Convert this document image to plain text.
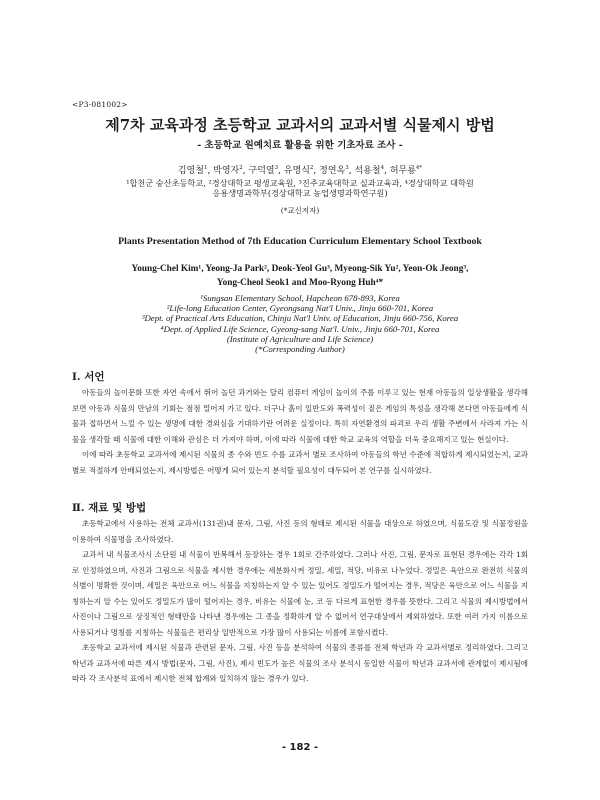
<P3-081002>
제7차 교육과정 초등학교 교과서의 교과서별 식물제시 방법
- 초등학교 원예치료 활용을 위한 기초자료 조사 -
김영철$^1$, 박영자$^2$, 구덕열$^3$, 유명식$^2$, 정연옥$^3$, 석용철$^4$, 허무룡$^{4*}$
¹합천군 숭산초등학교, ²경상대학교 평생교육원, ³진주교육대학교 실과교육과, ⁴경상대학교 대학원
응용생명과학부(경상대학교 농업생명과학연구원)
(*교신저자)
Plants Presentation Method of 7th Education Curriculum Elementary School Textbook
Young-Chel Kim¹, Yeong-Ja Park², Deok-Yeol Gu³, Myeong-Sik Yu², Yeon-Ok Jeong³,
Yong-Cheol Seok1 and Moo-Ryong Huh⁴*
¹Sungsan Elementary School, Hapcheon 678-893, Korea
²Life-long Education Center, Gyeongsang Nat'l Univ., Jinju 660-701, Korea
³Dept. of Practical Arts Education, Chinju Nat'l Univ. of Education, Jinju 660-756, Korea
⁴Dept. of Applied Life Science, Gyeong-sang Nat'l. Univ., Jinju 660-701, Korea
(Institute of Agriculture and Life Science)
(*Corresponding Author)
Ⅰ. 서언

아동들의 놀이문화 또한 자연 속에서 뛰어 놀던 과거와는 달리 컴퓨터 게임이 놀이의 주를 이루고 있는 현재 아동들의 일상생활을 생각해 보면 아동과 식물의 만남의 기회는 점점 멀어져 가고 있다. 더구나 흙이 일반도와 폭력성이 짙은 게임의 특성을 생각해 본다면 아동들에게 식물과 접하면서 느낄 수 있는 생명에 대한 경외심을 기대하기란 어려운 실정이다. 특히 자연환경의 파괴로 우리 생활 주변에서 사라져 가는 식물을 생각할 때 식물에 대한 이해와 관심은 더 가져야 하며, 이에 따라 식물에 대한 학교 교육의 역할을 더욱 중요해지고 있는 현실이다.

이에 따라 초등학교 교과서에 제시된 식물의 종 수와 빈도 수를 교과서 별로 조사하여 아동들의 학년 수준에 적합하게 제시되었는지, 교과별로 적절하게 안배되었는지, 제시방법은 어떻게 되어 있는지 분석할 필요성이 대두되어 본 연구를 실시하였다.

Ⅱ. 재료 및 방법

초등학교에서 사용하는 전체 교과서(131권)내 문자, 그림, 사진 등의 형태로 제시된 식물을 대상으로 하였으며, 식물도감 및 식물정원을 이용하여 식물명을 조사하였다.

교과서 내 식물조사시 소단원 내 식물이 반복해서 등장하는 경우 1회로 간주하였다. 그러나 사진, 그림, 문자로 표현된 경우에는 각각 1회로 인정하였으며, 사진과 그림으로 식물을 제시한 경우에는 세분화시켜 정밀, 세밀, 적당, 비유로 나누었다. 정밀은 육안으로 완전히 식물의 식별이 명확한 것이며, 세밀은 육안으로 어느 식물을 지칭하는지 알 수 있는 있어도 정밀도가 떨어지는 경우, 적당은 육안으로 어느 식물을 지칭하는지 알 수는 있어도 정밀도가 많이 떨어지는 경우, 비유는 식물에 눈, 코 등 다르게 표현한 경우를 뜻한다. 그리고 식물의 제시방법에서 사진이나 그림으로 상징적인 형태만을 나타낸 경우에는 그 종을 정확하게 알 수 없어서 연구대상에서 제외하였다. 또한 여러 가지 이름으로 사용되거나 명칭를 지칭하는 식물들은 편리상 일반적으로 가장 많이 사용되는 이름에 포함시켰다.

초등학교 교과서에 제시된 식물과 관련된 문자, 그림, 사진 등을 분석하여 식물의 종류를 전체 학년과 각 교과서별로 정리하였다. 그리고 학년과 교과서에 따른 제시 방법(문자, 그림, 사진), 제시 빈도가 높은 식물의 조사 분석시 동일한 식물이 학년과 교과서에 관계없이 제시됨에 따라 각 조사분석 표에서 제시한 전체 합계와 일치하지 않는 경우가 있다.

- 182 -
